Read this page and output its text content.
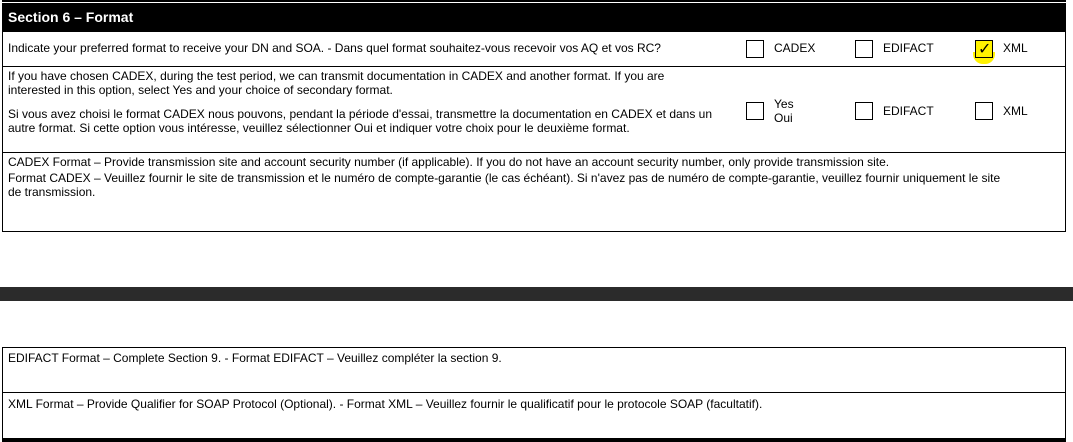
Section 6 – Format
Indicate your preferred format to receive your DN and SOA. - Dans quel format souhaitez-vous recevoir vos AQ et vos RC?	CADEX	EDIFACT
✓	XML
If you have chosen CADEX, during the test period, we can transmit documentation in CADEX and another format. If you are interested in this option, select Yes and your choice of secondary format.
Si vous avez choisi le format CADEX nous pouvons, pendant la période d'essai, transmettre la documentation en CADEX et dans un autre format. Si cette option vous intéresse, veuillez sélectionner Oui et indiquer votre choix pour le deuxième format.
Yes
Oui	EDIFACT	XML
CADEX Format – Provide transmission site and account security number (if applicable). If you do not have an account security number, only provide transmission site.
Format CADEX – Veuillez fournir le site de transmission et le numéro de compte-garantie (le cas échéant). Si n'avez pas de numéro de compte-garantie, veuillez fournir uniquement le site de transmission.
EDIFACT Format – Complete Section 9. - Format EDIFACT – Veuillez compléter la section 9.
XML Format – Provide Qualifier for SOAP Protocol (Optional). - Format XML – Veuillez fournir le qualificatif pour le protocole SOAP (facultatif).
